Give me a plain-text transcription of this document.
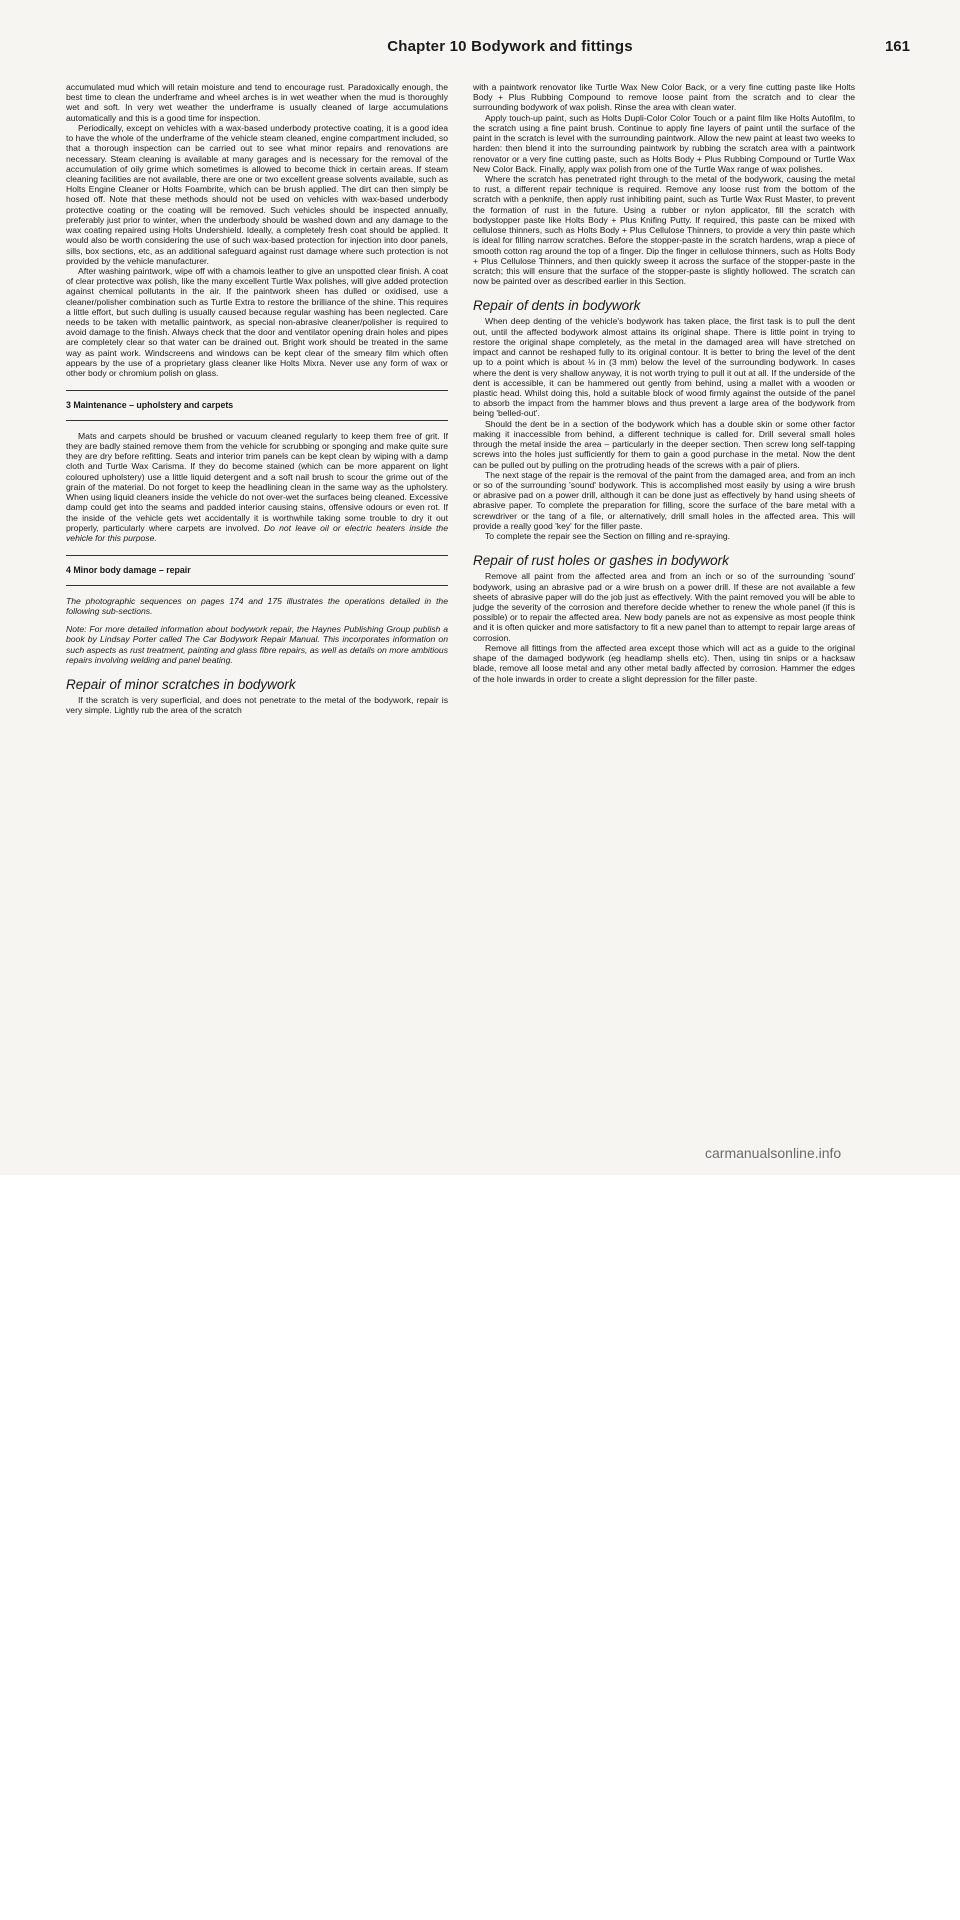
Chapter 10 Bodywork and fittings	161

accumulated mud which will retain moisture and tend to encourage rust. Paradoxically enough, the best time to clean the underframe and wheel arches is in wet weather when the mud is thoroughly wet and soft. In very wet weather the underframe is usually cleaned of large accumulations automatically and this is a good time for inspection.

Periodically, except on vehicles with a wax-based underbody protective coating, it is a good idea to have the whole of the underframe of the vehicle steam cleaned, engine compartment included, so that a thorough inspection can be carried out to see what minor repairs and renovations are necessary. Steam cleaning is available at many garages and is necessary for the removal of the accumulation of oily grime which sometimes is allowed to become thick in certain areas. If steam cleaning facilities are not available, there are one or two excellent grease solvents available, such as Holts Engine Cleaner or Holts Foambrite, which can be brush applied. The dirt can then simply be hosed off. Note that these methods should not be used on vehicles with wax-based underbody protective coating or the coating will be removed. Such vehicles should be inspected annually, preferably just prior to winter, when the underbody should be washed down and any damage to the wax coating repaired using Holts Undershield. Ideally, a completely fresh coat should be applied. It would also be worth considering the use of such wax-based protection for injection into door panels, sills, box sections, etc, as an additional safeguard against rust damage where such protection is not provided by the vehicle manufacturer.

After washing paintwork, wipe off with a chamois leather to give an unspotted clear finish. A coat of clear protective wax polish, like the many excellent Turtle Wax polishes, will give added protection against chemical pollutants in the air. If the paintwork sheen has dulled or oxidised, use a cleaner/polisher combination such as Turtle Extra to restore the brilliance of the shine. This requires a little effort, but such dulling is usually caused because regular washing has been neglected. Care needs to be taken with metallic paintwork, as special non-abrasive cleaner/polisher is required to avoid damage to the finish. Always check that the door and ventilator opening drain holes and pipes are completely clear so that water can be drained out. Bright work should be treated in the same way as paint work. Windscreens and windows can be kept clear of the smeary film which often appears by the use of a proprietary glass cleaner like Holts Mixra. Never use any form of wax or other body or chromium polish on glass.

3 Maintenance – upholstery and carpets

Mats and carpets should be brushed or vacuum cleaned regularly to keep them free of grit. If they are badly stained remove them from the vehicle for scrubbing or sponging and make quite sure they are dry before refitting. Seats and interior trim panels can be kept clean by wiping with a damp cloth and Turtle Wax Carisma. If they do become stained (which can be more apparent on light coloured upholstery) use a little liquid detergent and a soft nail brush to scour the grime out of the grain of the material. Do not forget to keep the headlining clean in the same way as the upholstery. When using liquid cleaners inside the vehicle do not over-wet the surfaces being cleaned. Excessive damp could get into the seams and padded interior causing stains, offensive odours or even rot. If the inside of the vehicle gets wet accidentally it is worthwhile taking some trouble to dry it out properly, particularly where carpets are involved. Do not leave oil or electric heaters inside the vehicle for this purpose.

4 Minor body damage – repair

The photographic sequences on pages 174 and 175 illustrates the operations detailed in the following sub-sections.

Note: For more detailed information about bodywork repair, the Haynes Publishing Group publish a book by Lindsay Porter called The Car Bodywork Repair Manual. This incorporates information on such aspects as rust treatment, painting and glass fibre repairs, as well as details on more ambitious repairs involving welding and panel beating.

Repair of minor scratches in bodywork

If the scratch is very superficial, and does not penetrate to the metal of the bodywork, repair is very simple. Lightly rub the area of the scratch

with a paintwork renovator like Turtle Wax New Color Back, or a very fine cutting paste like Holts Body + Plus Rubbing Compound to remove loose paint from the scratch and to clear the surrounding bodywork of wax polish. Rinse the area with clean water.

Apply touch-up paint, such as Holts Dupli-Color Color Touch or a paint film like Holts Autofilm, to the scratch using a fine paint brush. Continue to apply fine layers of paint until the surface of the paint in the scratch is level with the surrounding paintwork. Allow the new paint at least two weeks to harden: then blend it into the surrounding paintwork by rubbing the scratch area with a paintwork renovator or a very fine cutting paste, such as Holts Body + Plus Rubbing Compound or Turtle Wax New Color Back. Finally, apply wax polish from one of the Turtle Wax range of wax polishes.

Where the scratch has penetrated right through to the metal of the bodywork, causing the metal to rust, a different repair technique is required. Remove any loose rust from the bottom of the scratch with a penknife, then apply rust inhibiting paint, such as Turtle Wax Rust Master, to prevent the formation of rust in the future. Using a rubber or nylon applicator, fill the scratch with bodystopper paste like Holts Body + Plus Knifing Putty. If required, this paste can be mixed with cellulose thinners, such as Holts Body + Plus Cellulose Thinners, to provide a very thin paste which is ideal for filling narrow scratches. Before the stopper-paste in the scratch hardens, wrap a piece of smooth cotton rag around the top of a finger. Dip the finger in cellulose thinners, such as Holts Body + Plus Cellulose Thinners, and then quickly sweep it across the surface of the stopper-paste in the scratch; this will ensure that the surface of the stopper-paste is slightly hollowed. The scratch can now be painted over as described earlier in this Section.

Repair of dents in bodywork

When deep denting of the vehicle's bodywork has taken place, the first task is to pull the dent out, until the affected bodywork almost attains its original shape. There is little point in trying to restore the original shape completely, as the metal in the damaged area will have stretched on impact and cannot be reshaped fully to its original contour. It is better to bring the level of the dent up to a point which is about ⅛ in (3 mm) below the level of the surrounding bodywork. In cases where the dent is very shallow anyway, it is not worth trying to pull it out at all. If the underside of the dent is accessible, it can be hammered out gently from behind, using a mallet with a wooden or plastic head. Whilst doing this, hold a suitable block of wood firmly against the outside of the panel to absorb the impact from the hammer blows and thus prevent a large area of the bodywork from being 'belled-out'.

Should the dent be in a section of the bodywork which has a double skin or some other factor making it inaccessible from behind, a different technique is called for. Drill several small holes through the metal inside the area – particularly in the deeper section. Then screw long self-tapping screws into the holes just sufficiently for them to gain a good purchase in the metal. Now the dent can be pulled out by pulling on the protruding heads of the screws with a pair of pliers.

The next stage of the repair is the removal of the paint from the damaged area, and from an inch or so of the surrounding 'sound' bodywork. This is accomplished most easily by using a wire brush or abrasive pad on a power drill, although it can be done just as effectively by hand using sheets of abrasive paper. To complete the preparation for filling, score the surface of the bare metal with a screwdriver or the tang of a file, or alternatively, drill small holes in the affected area. This will provide a really good 'key' for the filler paste.

To complete the repair see the Section on filling and re-spraying.

Repair of rust holes or gashes in bodywork

Remove all paint from the affected area and from an inch or so of the surrounding 'sound' bodywork, using an abrasive pad or a wire brush on a power drill. If these are not available a few sheets of abrasive paper will do the job just as effectively. With the paint removed you will be able to judge the severity of the corrosion and therefore decide whether to renew the whole panel (if this is possible) or to repair the affected area. New body panels are not as expensive as most people think and it is often quicker and more satisfactory to fit a new panel than to attempt to repair large areas of corrosion.

Remove all fittings from the affected area except those which will act as a guide to the original shape of the damaged bodywork (eg headlamp shells etc). Then, using tin snips or a hacksaw blade, remove all loose metal and any other metal badly affected by corrosion. Hammer the edges of the hole inwards in order to create a slight depression for the filler paste.

carmanualsonline.info
